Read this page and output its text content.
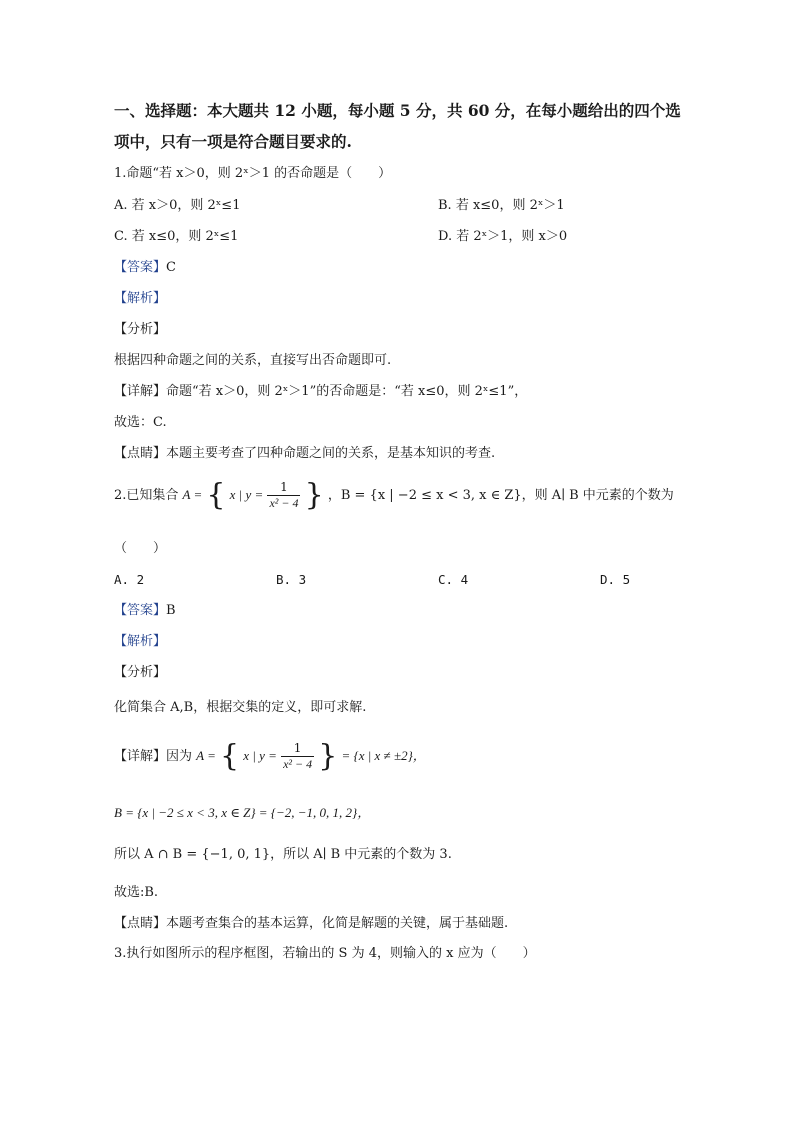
一、选择题：本大题共 12 小题，每小题 5 分，共 60 分，在每小题给出的四个选
项中，只有一项是符合题目要求的.
1.命题“若 x＞0，则 2ˣ＞1 的否命题是（　　）
A. 若 x＞0，则 2ˣ≤1	B. 若 x≤0，则 2ˣ＞1
C. 若 x≤0，则 2ˣ≤1	D. 若 2ˣ＞1，则 x＞0
【答案】C
【解析】
【分析】
根据四种命题之间的关系，直接写出否命题即可.
【详解】命题“若 x＞0，则 2ˣ＞1”的否命题是：“若 x≤0，则 2ˣ≤1”，
故选：C.
【点睛】本题主要考查了四种命题之间的关系，是基本知识的考查.
2.已知集合 A = { x | $y = \frac{1}{\text{x² − 4}}$ } ，B = {x | −2 ≤ x < 3, x ∈ Z}，则 A∣ B 中元素的个数为
（　　）
A. 2	B. 3	C. 4	D. 5
【答案】B
【解析】
【分析】
化简集合 A,B，根据交集的定义，即可求解.
【详解】因为 A = { x | $y = \frac{1}{\text{x² − 4}}$ } = {x | x ≠ ±2}，
B = {x | −2 ≤ x < 3, x ∈ Z} = {−2, −1, 0, 1, 2}，
所以 A ∩ B = {−1, 0, 1}，所以 A∣ B 中元素的个数为 3.
故选:B.
【点睛】本题考查集合的基本运算，化简是解题的关键，属于基础题.
3.执行如图所示的程序框图，若输出的 S 为 4，则输入的 x 应为（　　）
